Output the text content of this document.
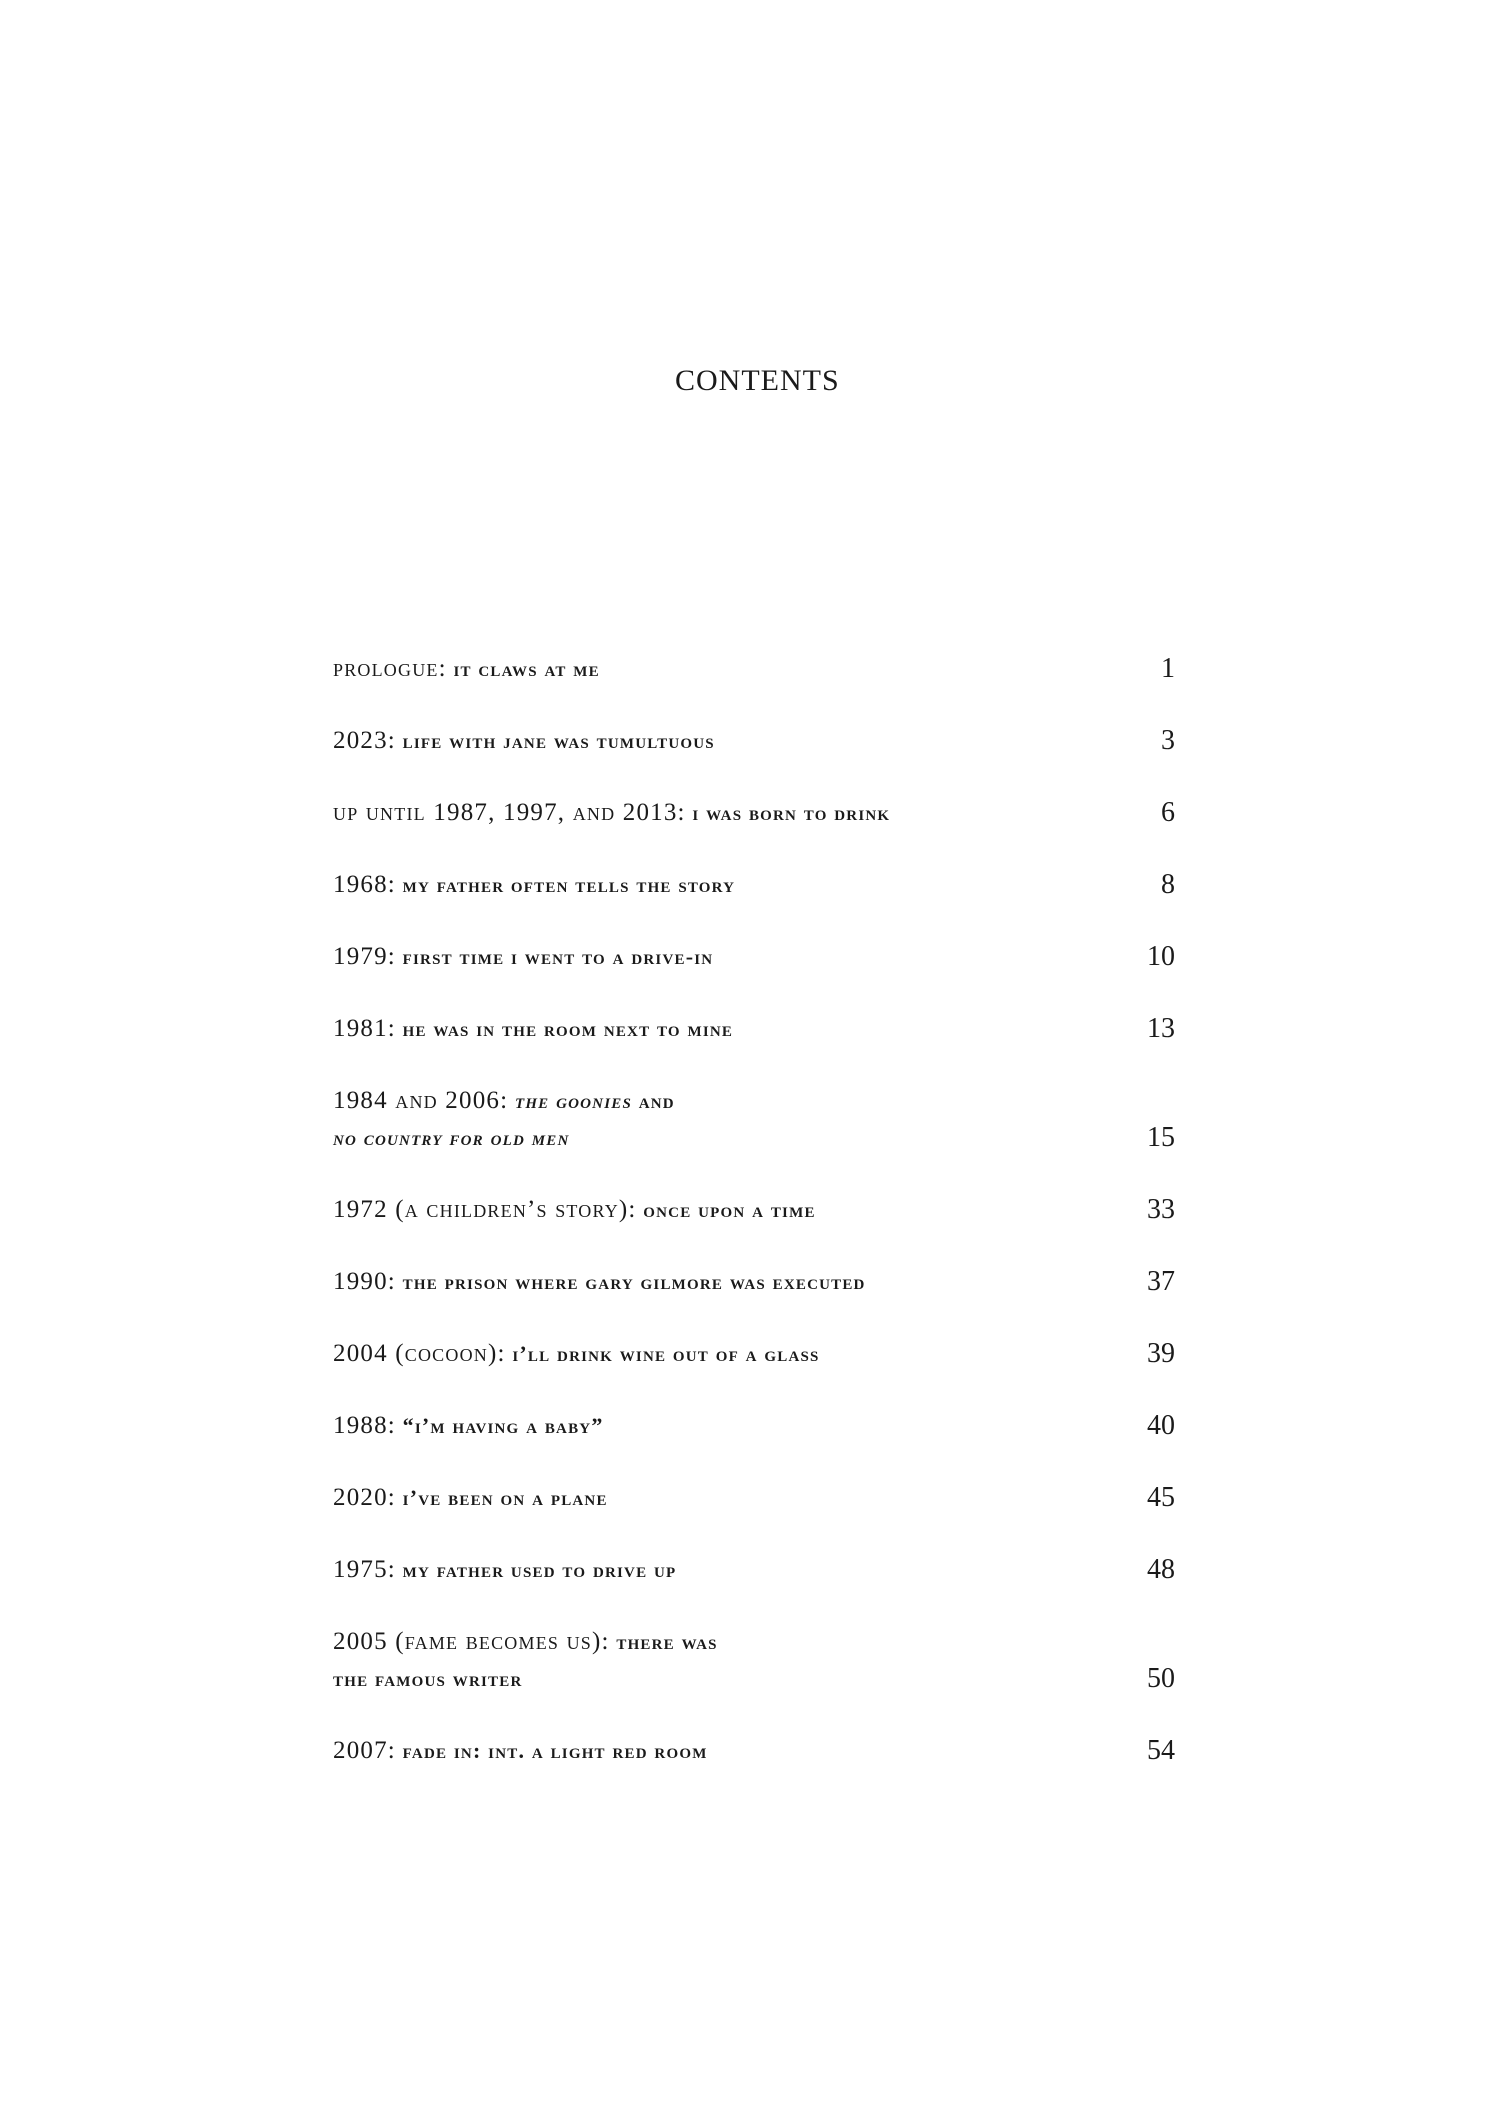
CONTENTS
prologue: it claws at me	1
2023: life with jane was tumultuous	3
up until 1987, 1997, and 2013: i was born to drink	6
1968: my father often tells the story	8
1979: first time i went to a drive-in	10
1981: he was in the room next to mine	13
1984 and 2006: the goonies and
no country for old men	15
1972 (a children’s story): once upon a time	33
1990: the prison where gary gilmore was executed	37
2004 (cocoon): i’ll drink wine out of a glass	39
1988: “i’m having a baby”	40
2020: i’ve been on a plane	45
1975: my father used to drive up	48
2005 (fame becomes us): there was
the famous writer	50
2007: fade in: int. a light red room	54
